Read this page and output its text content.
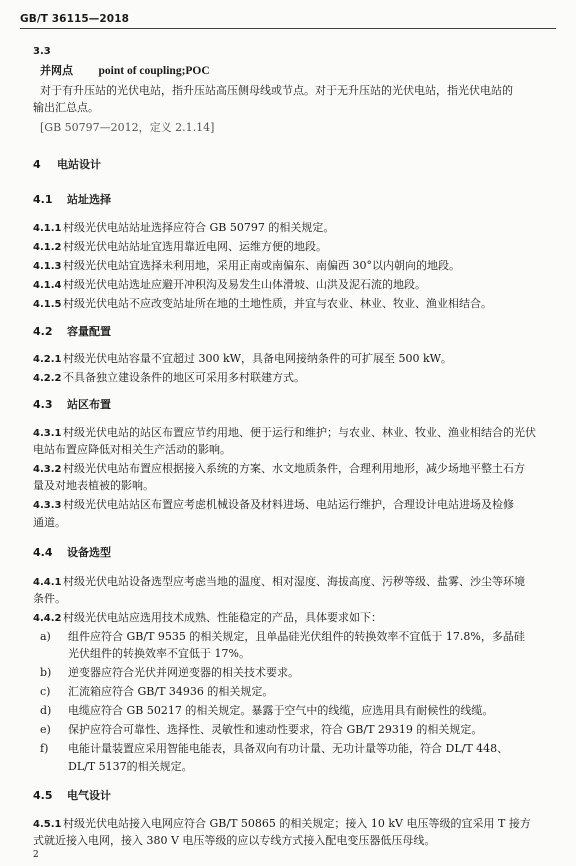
GB/T 36115—2018
3.3
并网点 point of coupling;POC
对于有升压站的光伏电站，指升压站高压侧母线或节点。对于无升压站的光伏电站，指光伏电站的
输出汇总点。
[GB 50797—2012，定义 2.1.14]
4 电站设计
4.1 站址选择
4.1.1 村级光伏电站站址选择应符合 GB 50797 的相关规定。
4.1.2 村级光伏电站站址宜选用靠近电网、运维方便的地段。
4.1.3 村级光伏电站宜选择未利用地，采用正南或南偏东、南偏西 30°以内朝向的地段。
4.1.4 村级光伏电站选址应避开冲积沟及易发生山体滑坡、山洪及泥石流的地段。
4.1.5 村级光伏电站不应改变站址所在地的土地性质，并宜与农业、林业、牧业、渔业相结合。
4.2 容量配置
4.2.1 村级光伏电站容量不宜超过 300 kW，具备电网接纳条件的可扩展至 500 kW。
4.2.2 不具备独立建设条件的地区可采用多村联建方式。
4.3 站区布置
4.3.1 村级光伏电站的站区布置应节约用地、便于运行和维护；与农业、林业、牧业、渔业相结合的光伏
电站布置应降低对相关生产活动的影响。
4.3.2 村级光伏电站布置应根据接入系统的方案、水文地质条件，合理利用地形，减少场地平整土石方
量及对地表植被的影响。
4.3.3 村级光伏电站站区布置应考虑机械设备及材料进场、电站运行维护，合理设计电站进场及检修
通道。
4.4 设备选型
4.4.1 村级光伏电站设备选型应考虑当地的温度、相对湿度、海拔高度、污秽等级、盐雾、沙尘等环境
条件。
4.4.2 村级光伏电站应选用技术成熟、性能稳定的产品，具体要求如下：
a) 组件应符合 GB/T 9535 的相关规定，且单晶硅光伏组件的转换效率不宜低于 17.8%，多晶硅
光伏组件的转换效率不宜低于 17%。
b) 逆变器应符合光伏并网逆变器的相关技术要求。
c) 汇流箱应符合 GB/T 34936 的相关规定。
d) 电缆应符合 GB 50217 的相关规定。暴露于空气中的线缆，应选用具有耐候性的线缆。
e) 保护应符合可靠性、选择性、灵敏性和速动性要求，符合 GB/T 29319 的相关规定。
f) 电能计量装置应采用智能电能表，具备双向有功计量、无功计量等功能，符合 DL/T 448、
DL/T 5137的相关规定。
4.5 电气设计
4.5.1 村级光伏电站接入电网应符合 GB/T 50865 的相关规定；接入 10 kV 电压等级的宜采用 T 接方
式就近接入电网，接入 380 V 电压等级的应以专线方式接入配电变压器低压母线。
2
